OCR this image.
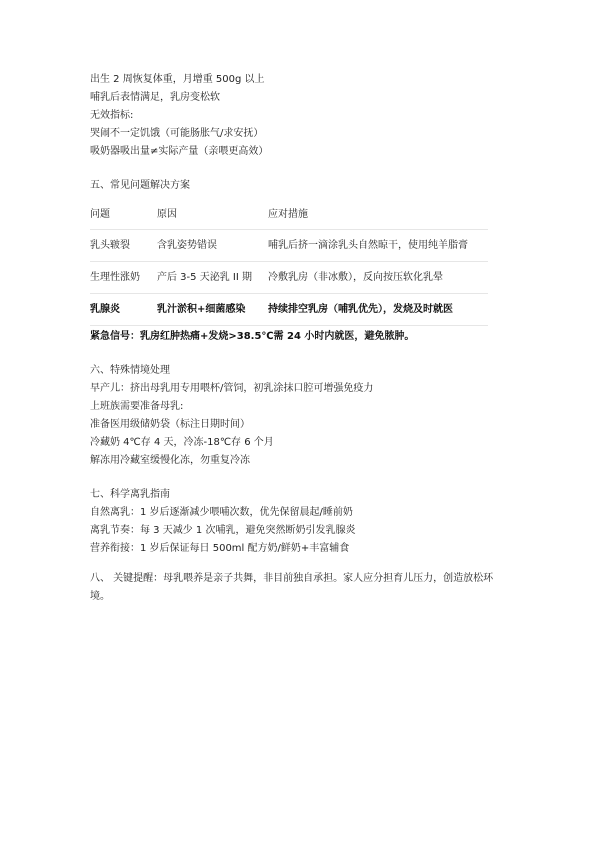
出生 2 周恢复体重，月增重 500g 以上

哺乳后表情满足，乳房变松软

无效指标:

哭闹不一定饥饿（可能肠胀气/求安抚）

吸奶器吸出量≠实际产量（亲喂更高效）

五、常见问题解决方案
问题	原因	应对措施
乳头皲裂	含乳姿势错误	哺乳后挤一滴涂乳头自然晾干，使用纯羊脂膏
生理性涨奶	产后 3-5 天泌乳 II 期	冷敷乳房（非冰敷），反向按压软化乳晕
乳腺炎	乳汁淤积+细菌感染	持续排空乳房（哺乳优先），发烧及时就医

紧急信号：乳房红肿热痛+发烧>38.5℃需 24 小时内就医，避免脓肿。

六、特殊情境处理

早产儿：挤出母乳用专用喂杯/管饲，初乳涂抹口腔可增强免疫力

上班族需要准备母乳:

准备医用级储奶袋（标注日期时间）

冷藏奶 4℃存 4 天，冷冻-18℃存 6 个月

解冻用冷藏室缓慢化冻，勿重复冷冻

七、科学离乳指南

自然离乳：1 岁后逐渐减少喂哺次数，优先保留晨起/睡前奶

离乳节奏：每 3 天减少 1 次哺乳，避免突然断奶引发乳腺炎

营养衔接：1 岁后保证每日 500ml 配方奶/鲜奶+丰富辅食

八、 关键提醒：母乳喂养是亲子共舞，非目前独自承担。家人应分担育儿压力，创造放松环境。
